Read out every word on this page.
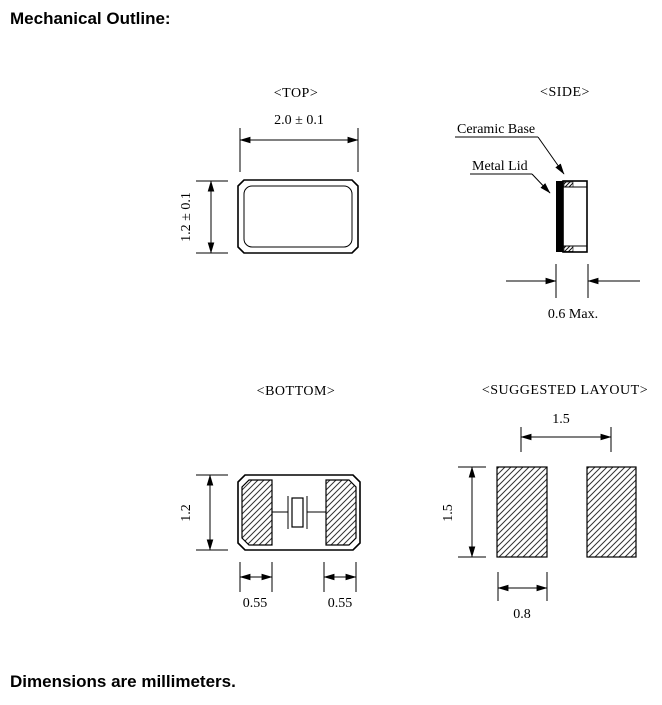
Mechanical Outline:
<TOP>
2.0 ± 0.1
1.2 ± 0.1
<SIDE>
Ceramic Base
Metal Lid
0.6 Max.
<BOTTOM>
1.2
0.55	0.55
<SUGGESTED LAYOUT>
1.5
1.5
0.8
Dimensions are millimeters.
